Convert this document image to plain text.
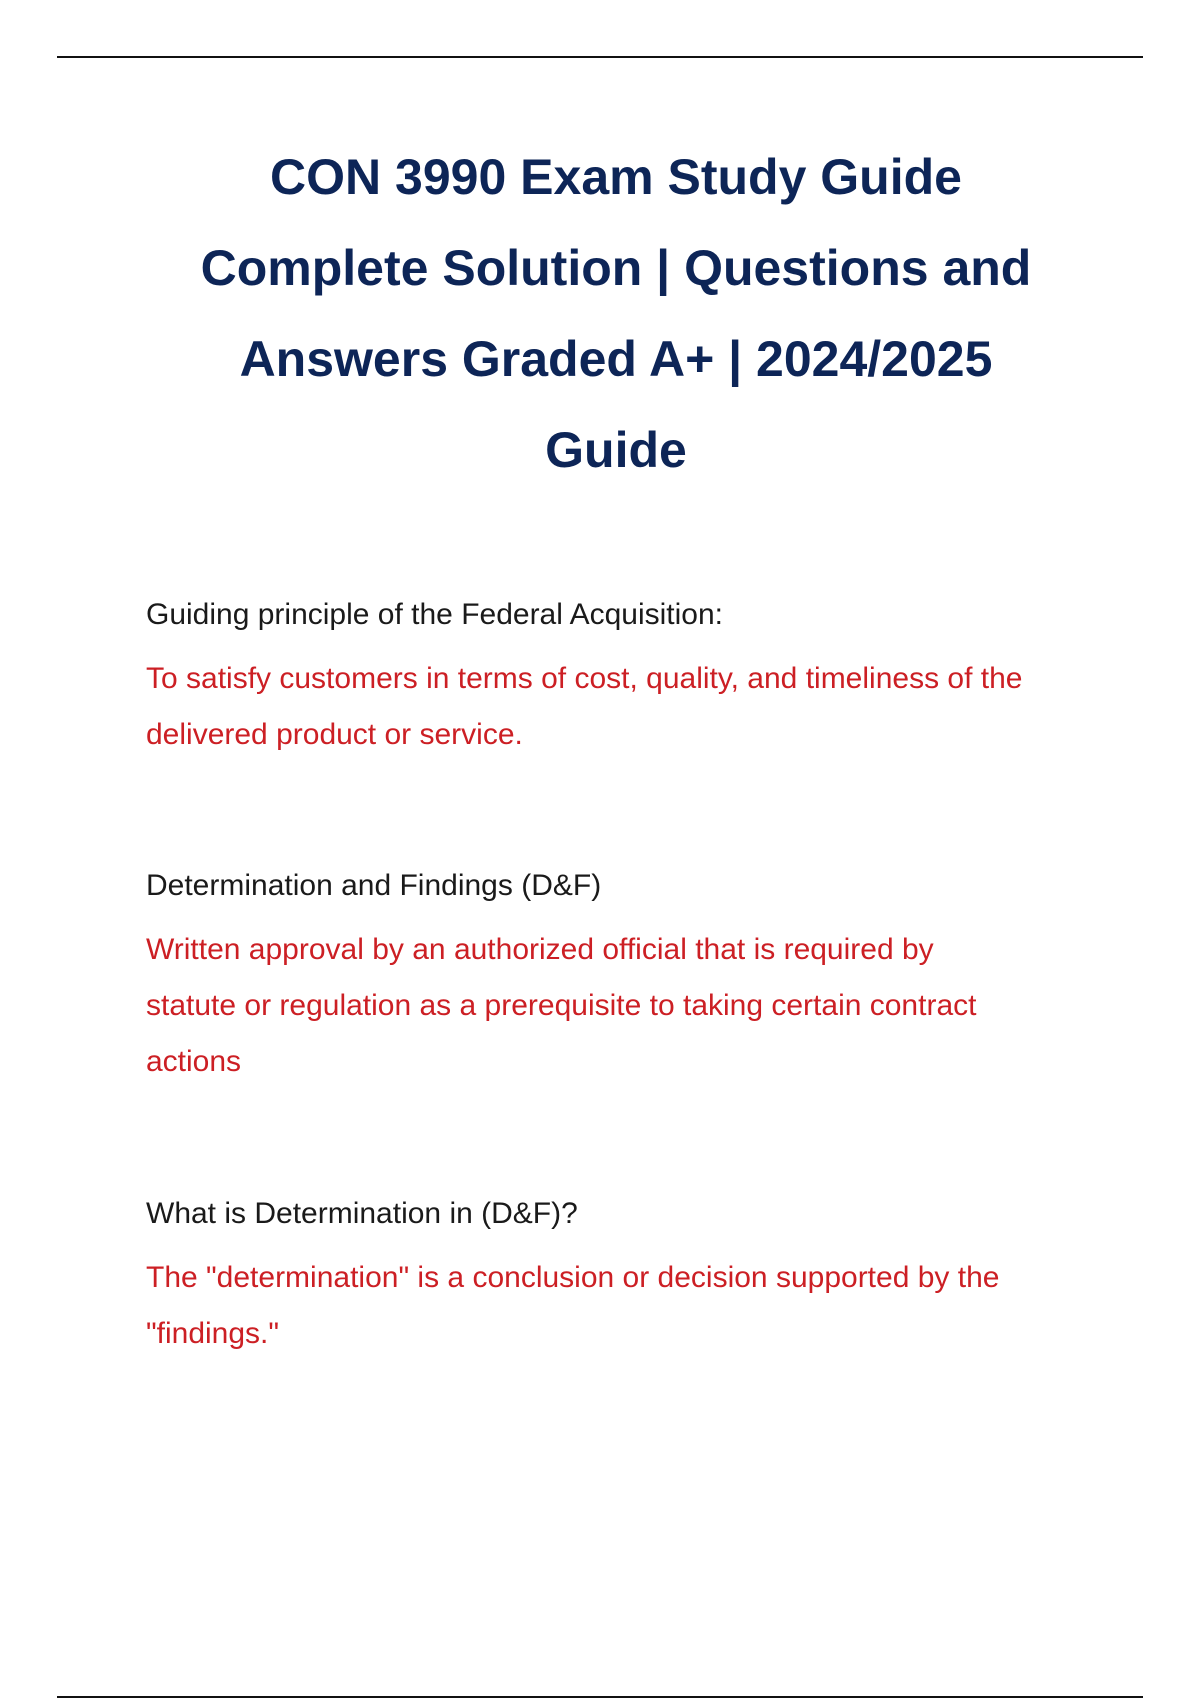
CON 3990 Exam Study Guide
Complete Solution | Questions and
Answers Graded A+ | 2024/2025
Guide

Guiding principle of the Federal Acquisition:

To satisfy customers in terms of cost, quality, and timeliness of the
delivered product or service.

Determination and Findings (D&F)

Written approval by an authorized official that is required by
statute or regulation as a prerequisite to taking certain contract
actions

What is Determination in (D&F)?

The "determination" is a conclusion or decision supported by the
"findings."
